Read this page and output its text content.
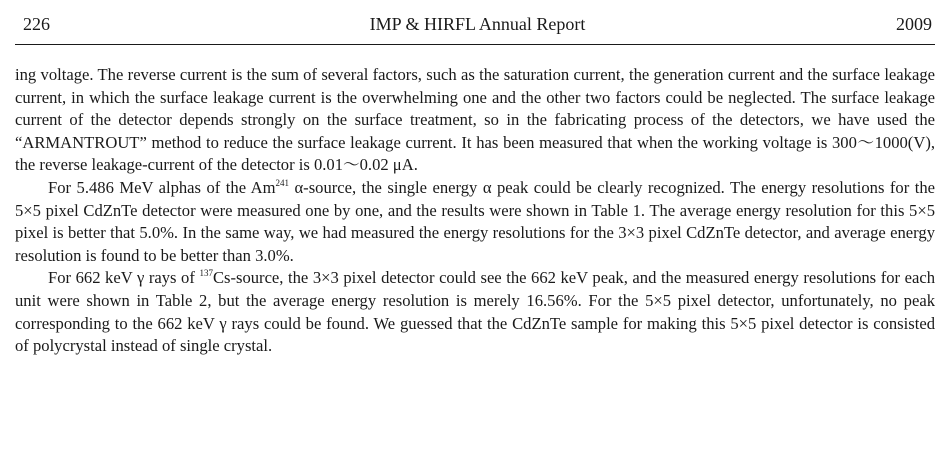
226	IMP & HIRFL Annual Report	2009

ing voltage. The reverse current is the sum of several factors, such as the saturation current, the generation current and the surface leakage current, in which the surface leakage current is the overwhelming one and the other two factors could be neglected. The surface leakage current of the detector depends strongly on the surface treatment, so in the fabricating process of the detectors, we have used the “ARMANTROUT” method to reduce the surface leakage current. It has been measured that when the working voltage is 300～1000(V), the reverse leakage-current of the detector is 0.01～0.02 μA.

For 5.486 MeV alphas of the Am$^{241}$ α-source, the single energy α peak could be clearly recognized. The energy resolutions for the 5×5 pixel CdZnTe detector were measured one by one, and the results were shown in Table 1. The average energy resolution for this 5×5 pixel is better that 5.0%. In the same way, we had measured the energy resolutions for the 3×3 pixel CdZnTe detector, and average energy resolution is found to be better than 3.0%.

For 662 keV γ rays of $^{137}$Cs-source, the 3×3 pixel detector could see the 662 keV peak, and the measured energy resolutions for each unit were shown in Table 2, but the average energy resolution is merely 16.56%. For the 5×5 pixel detector, unfortunately, no peak corresponding to the 662 keV γ rays could be found. We guessed that the CdZnTe sample for making this 5×5 pixel detector is consisted of polycrystal instead of single crystal.
